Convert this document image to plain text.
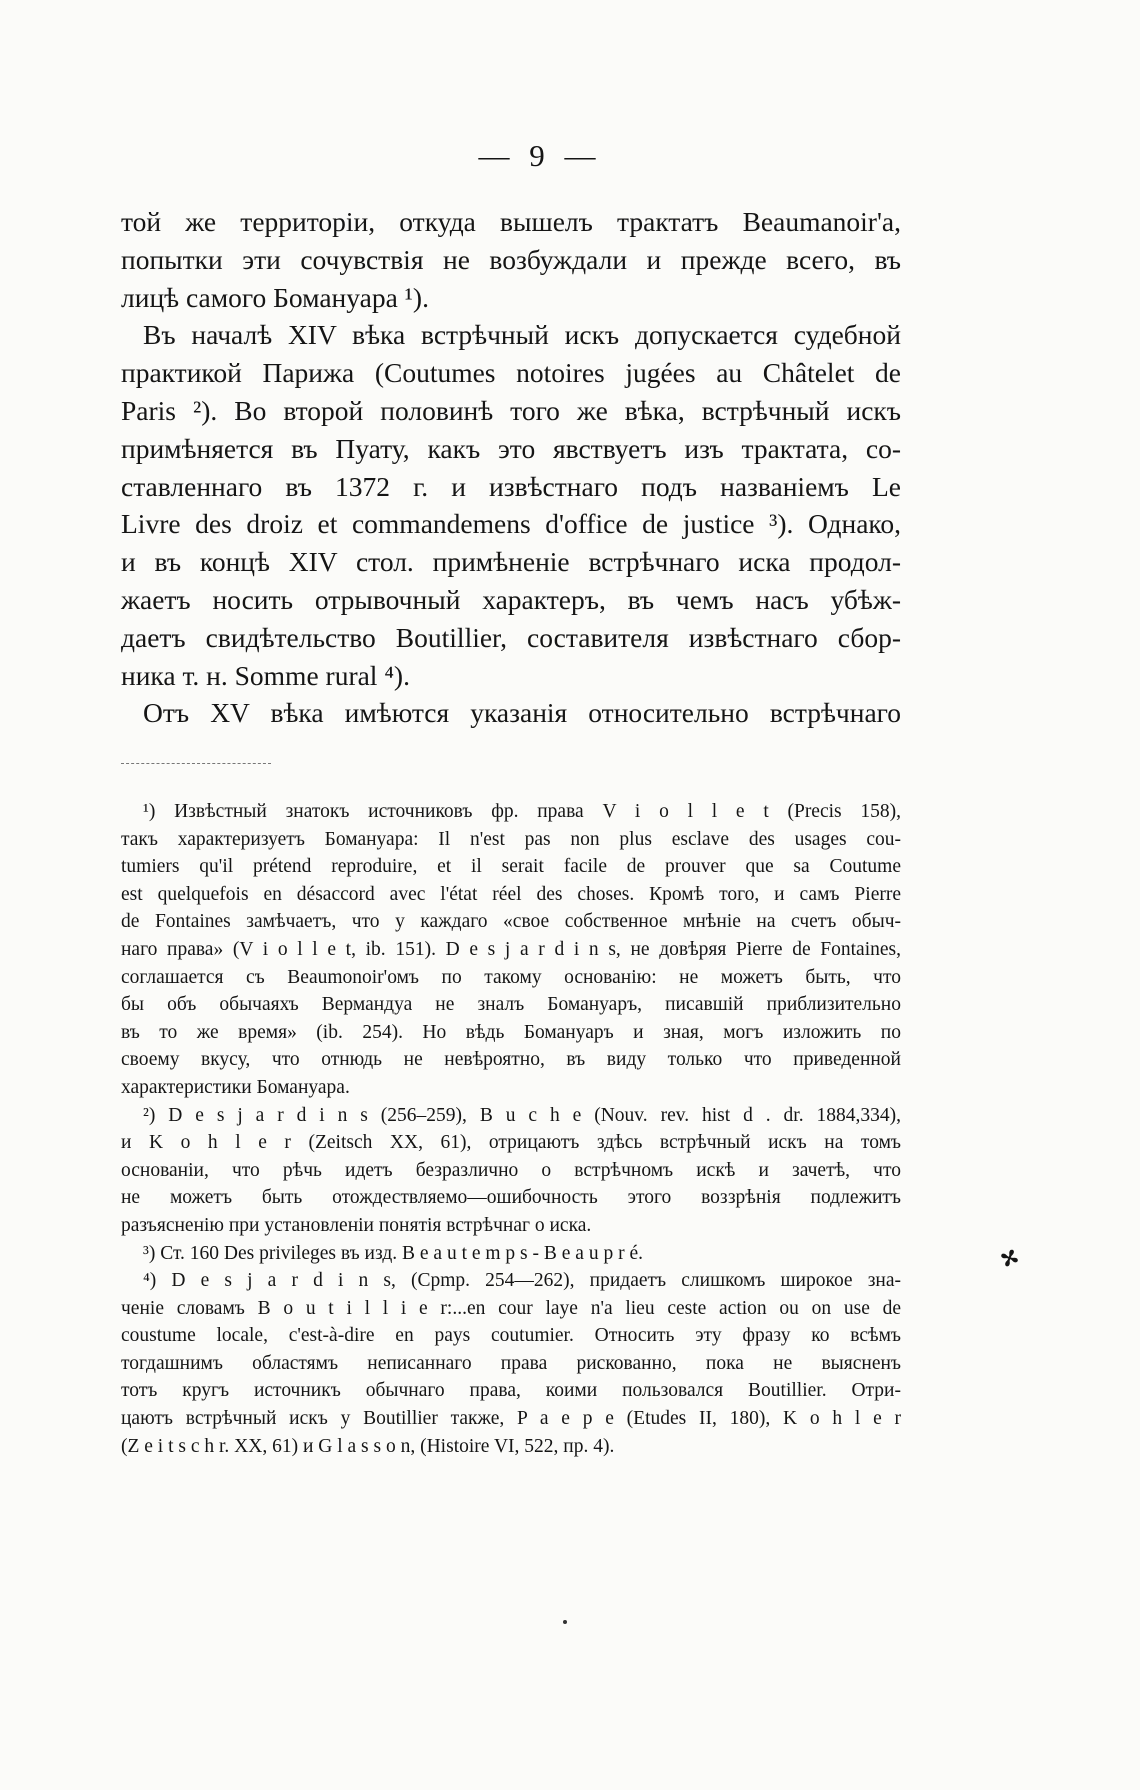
— 9 —
той же территоріи, откуда вышелъ трактатъ Beaumanoir'a,
попытки эти сочувствія не возбуждали и прежде всего, въ
лицѣ самого Бомануара ¹).
Въ началѣ XIV вѣка встрѣчный искъ допускается судебной
практикой Парижа (Coutumes notoires jugées au Châtelet de
Paris ²). Во второй половинѣ того же вѣка, встрѣчный искъ
примѣняется въ Пуату, какъ это явствуетъ изъ трактата, со-
ставленнаго въ 1372 г. и извѣстнаго подъ названіемъ Le
Livre des droiz et commandemens d'office de justice ³). Однако,
и въ концѣ XIV стол. примѣненіе встрѣчнаго иска продол-
жаетъ носить отрывочный характеръ, въ чемъ насъ убѣж-
даетъ свидѣтельство Boutillier, составителя извѣстнаго сбор-
ника т. н. Somme rural ⁴).
Отъ XV вѣка имѣются указанія относительно встрѣчнаго
¹) Извѣстный знатокъ источниковъ фр. права V i o l l e t (Precis 158),
такъ характеризуетъ Бомануара: Il n'est pas non plus esclave des usages cou-
tumiers qu'il prétend reproduire, et il serait facile de prouver que sa Coutume
est quelquefois en désaccord avec l'état réel des choses. Кромѣ того, и самъ Pierre
de Fontaines замѣчаетъ, что у каждаго «свое собственное мнѣніе на счетъ обыч-
наго права» (V i o l l e t, ib. 151). D e s j a r d i n s, не довѣряя Pierre de Fontaines,
соглашается съ Beaumonoir'омъ по такому основанію: не можетъ быть, что
бы объ обычаяхъ Вермандуа не зналъ Бомануаръ, писавшій приблизительно
въ то же время» (ib. 254). Но вѣдь Бомануаръ и зная, могъ изложить по
своему вкусу, что отнюдь не невѣроятно, въ виду только что приведенной
характеристики Бомануара.
²) D e s j a r d i n s (256–259), B u c h e (Nouv. rev. hist d . dr. 1884,334),
и K o h l e r (Zeitsch XX, 61), отрицаютъ здѣсь встрѣчный искъ на томъ
основаніи, что рѣчь идетъ безразлично о встрѣчномъ искѣ и зачетѣ, что
не можетъ быть отождествляемо—ошибочность этого воззрѣнія подлежитъ
разъясненію при установленіи понятія встрѣчнаг о иска.
³) Ст. 160 Des privileges въ изд. B e a u t e m p s - B e a u p r é.
⁴) D e s j a r d i n s, (Cpmp. 254—262), придаетъ слишкомъ широкое зна-
ченіе словамъ B o u t i l l i e r:...en cour laye n'a lieu ceste action ou on use de
coustume locale, c'est-à-dire en pays coutumier. Относить эту фразу ко всѣмъ
тогдашнимъ областямъ неписаннаго права рискованно, пока не выясненъ
тотъ кругъ источникъ обычнаго права, коими пользовался Boutillier. Отри-
цаютъ встрѣчный искъ у Boutillier также, P a e p e (Etudes II, 180), K o h l e r
(Z e i t s c h r. XX, 61) и G l a s s o n, (Histoire VI, 522, пр. 4).
✢
